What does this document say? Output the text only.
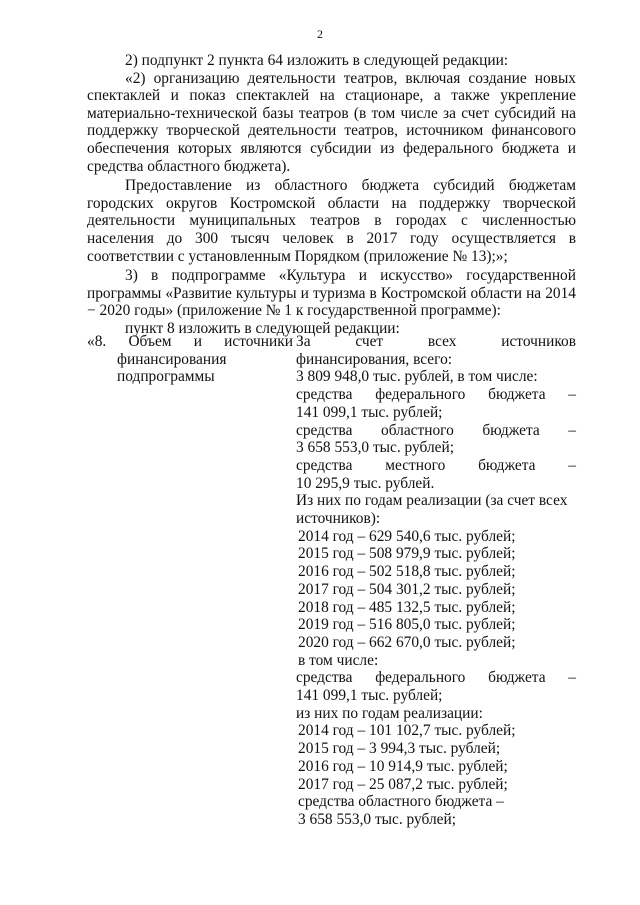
2

2) подпункт 2 пункта 64 изложить в следующей редакции:

«2) организацию деятельности театров, включая создание новых спектаклей и показ спектаклей на стационаре, а также укрепление материально-технической базы театров (в том числе за счет субсидий на поддержку творческой деятельности театров, источником финансового обеспечения которых являются субсидии из федерального бюджета и средства областного бюджета).

Предоставление из областного бюджета субсидий бюджетам городских округов Костромской области на поддержку творческой деятельности муниципальных театров в городах с численностью населения до 300 тысяч человек в 2017 году осуществляется в соответствии с установленным Порядком (приложение № 13);»;

3) в подпрограмме «Культура и искусство» государственной программы «Развитие культуры и туризма в Костромской области на 2014 − 2020 годы» (приложение № 1 к государственной программе):

пункт 8 изложить в следующей редакции:

«8. Объем и источники
финансирования
подпрограммы
За счет всех источников
финансирования, всего:
3 809 948,0 тыс. рублей, в том числе:
средства федерального бюджета –
141 099,1 тыс. рублей;
средства областного бюджета –
3 658 553,0 тыс. рублей;
средства местного бюджета –
10 295,9 тыс. рублей.
Из них по годам реализации (за счет всех
источников):
2014 год – 629 540,6 тыс. рублей;
2015 год – 508 979,9 тыс. рублей;
2016 год – 502 518,8 тыс. рублей;
2017 год – 504 301,2 тыс. рублей;
2018 год – 485 132,5 тыс. рублей;
2019 год – 516 805,0 тыс. рублей;
2020 год – 662 670,0 тыс. рублей;
в том числе:
средства федерального бюджета –
141 099,1 тыс. рублей;
из них по годам реализации:
2014 год – 101 102,7 тыс. рублей;
2015 год – 3 994,3 тыс. рублей;
2016 год – 10 914,9 тыс. рублей;
2017 год – 25 087,2 тыс. рублей;
средства областного бюджета –
3 658 553,0 тыс. рублей;
